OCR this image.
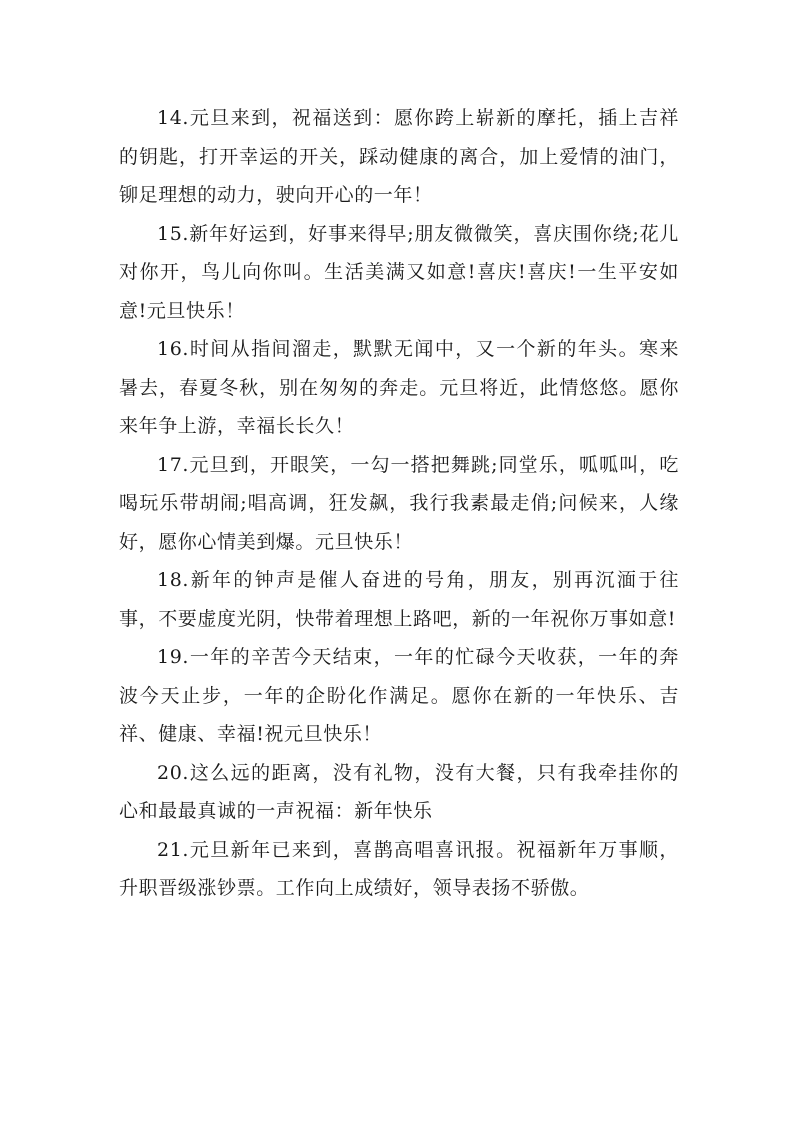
14.元旦来到，祝福送到：愿你跨上崭新的摩托，插上吉祥的钥匙，打开幸运的开关，踩动健康的离合，加上爱情的油门，铆足理想的动力，驶向开心的一年！

15.新年好运到，好事来得早;朋友微微笑，喜庆围你绕;花儿对你开，鸟儿向你叫。生活美满又如意!喜庆!喜庆!一生平安如意!元旦快乐！

16.时间从指间溜走，默默无闻中，又一个新的年头。寒来暑去，春夏冬秋，别在匆匆的奔走。元旦将近，此情悠悠。愿你来年争上游，幸福长长久！

17.元旦到，开眼笑，一勾一搭把舞跳;同堂乐，呱呱叫，吃喝玩乐带胡闹;唱高调，狂发飙，我行我素最走俏;问候来，人缘好，愿你心情美到爆。元旦快乐！

18.新年的钟声是催人奋进的号角，朋友，别再沉湎于往事，不要虚度光阴，快带着理想上路吧，新的一年祝你万事如意!

19.一年的辛苦今天结束，一年的忙碌今天收获，一年的奔波今天止步，一年的企盼化作满足。愿你在新的一年快乐、吉祥、健康、幸福!祝元旦快乐！

20.这么远的距离，没有礼物，没有大餐，只有我牵挂你的心和最最真诚的一声祝福：新年快乐

21.元旦新年已来到，喜鹊高唱喜讯报。祝福新年万事顺，升职晋级涨钞票。工作向上成绩好，领导表扬不骄傲。
